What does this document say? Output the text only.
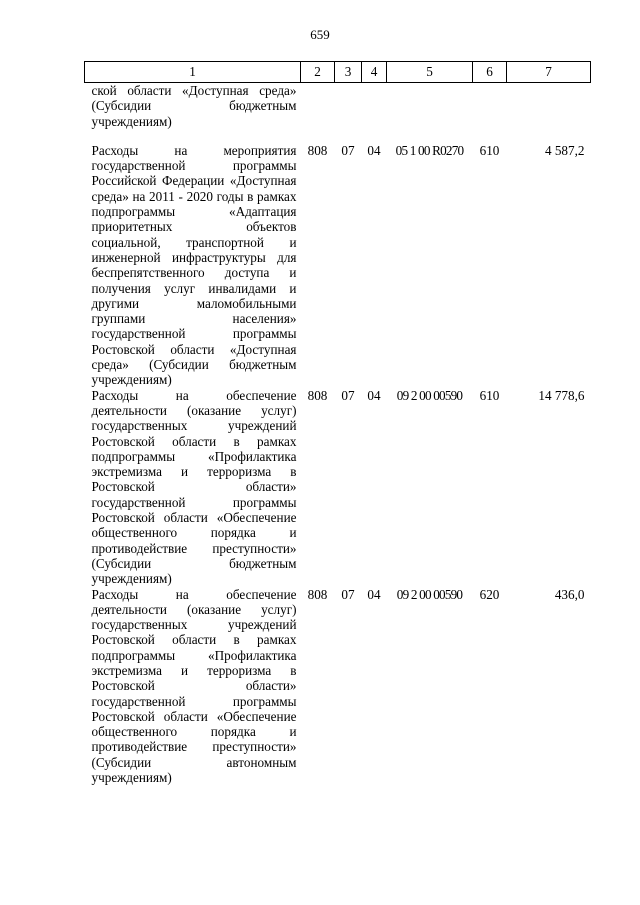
659
1	2	3	4	5	6	7
ской области «Доступная среда» (Субсидии бюджетным учреждениям)						
Расходы на мероприятия государственной программы Российской Федерации «Доступная среда» на 2011 - 2020 годы в рамках подпрограммы «Адаптация приоритетных объектов социальной, транспортной и инженерной инфраструктуры для беспрепятственного доступа и получения услуг инвалидами и другими маломобильными группами населения» государственной программы Ростовской области «Доступная среда» (Субсидии бюджетным учреждениям)	808	07	04	05 1 00 R0270	610	4 587,2
Расходы на обеспечение деятельности (оказание услуг) государственных учреждений Ростовской области в рамках подпрограммы «Профилактика экстремизма и терроризма в Ростовской области» государственной программы Ростовской области «Обеспечение общественного порядка и противодействие преступности» (Субсидии бюджетным учреждениям)	808	07	04	09 2 00 00590	610	14 778,6
Расходы на обеспечение деятельности (оказание услуг) государственных учреждений Ростовской области в рамках подпрограммы «Профилактика экстремизма и терроризма в Ростовской области» государственной программы Ростовской области «Обеспечение общественного порядка и противодействие преступности» (Субсидии автономным учреждениям)	808	07	04	09 2 00 00590	620	436,0
